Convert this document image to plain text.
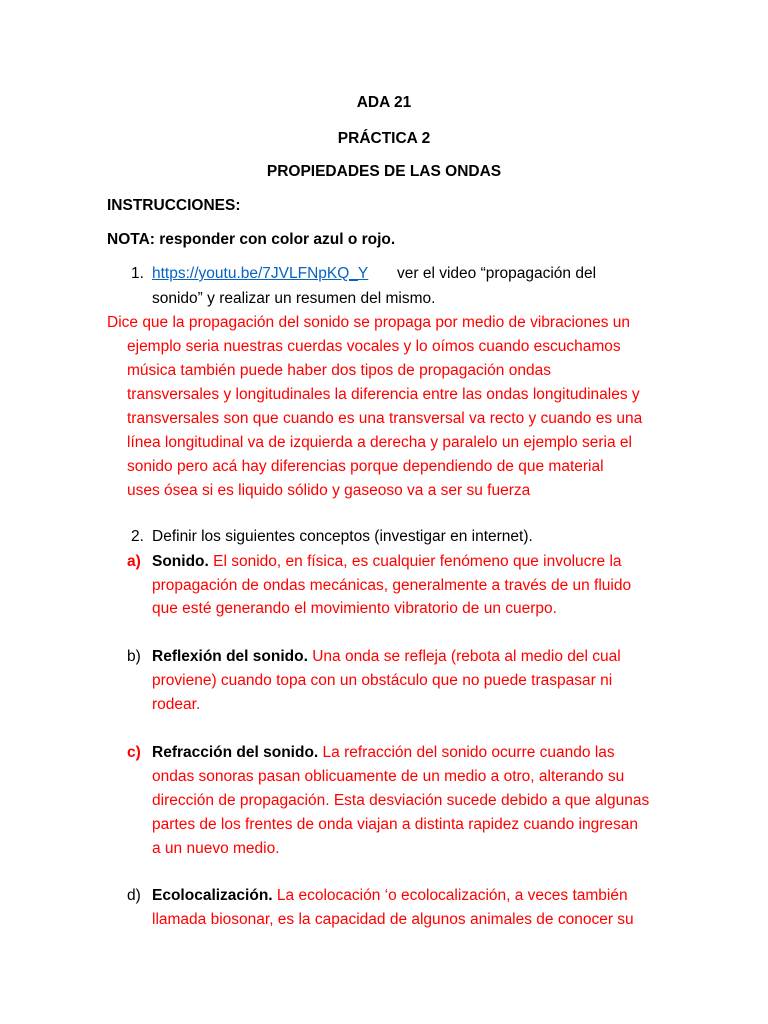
ADA 21
PRÁCTICA 2
PROPIEDADES DE LAS ONDAS
INSTRUCCIONES:
NOTA: responder con color azul o rojo.
1. https://youtu.be/7JVLFNpKQ_Y ver el video “propagación del
sonido” y realizar un resumen del mismo.
Dice que la propagación del sonido se propaga por medio de vibraciones un
ejemplo seria nuestras cuerdas vocales y lo oímos cuando escuchamos
música también puede haber dos tipos de propagación ondas
transversales y longitudinales la diferencia entre las ondas longitudinales y
transversales son que cuando es una transversal va recto y cuando es una
línea longitudinal va de izquierda a derecha y paralelo un ejemplo seria el
sonido pero acá hay diferencias porque dependiendo de que material
uses ósea si es liquido sólido y gaseoso va a ser su fuerza
2. Definir los siguientes conceptos (investigar en internet).
a) Sonido. El sonido, en física, es cualquier fenómeno que involucre la
propagación de ondas mecánicas, generalmente a través de un fluido
que esté generando el movimiento vibratorio de un cuerpo.
b) Reflexión del sonido. Una onda se refleja (rebota al medio del cual
proviene) cuando topa con un obstáculo que no puede traspasar ni
rodear.
c) Refracción del sonido. La refracción del sonido ocurre cuando las
ondas sonoras pasan oblicuamente de un medio a otro, alterando su
dirección de propagación. Esta desviación sucede debido a que algunas
partes de los frentes de onda viajan a distinta rapidez cuando ingresan
a un nuevo medio.
d) Ecolocalización. La ecolocación ‘o ecolocalización, a veces también
llamada biosonar, es la capacidad de algunos animales de conocer su
